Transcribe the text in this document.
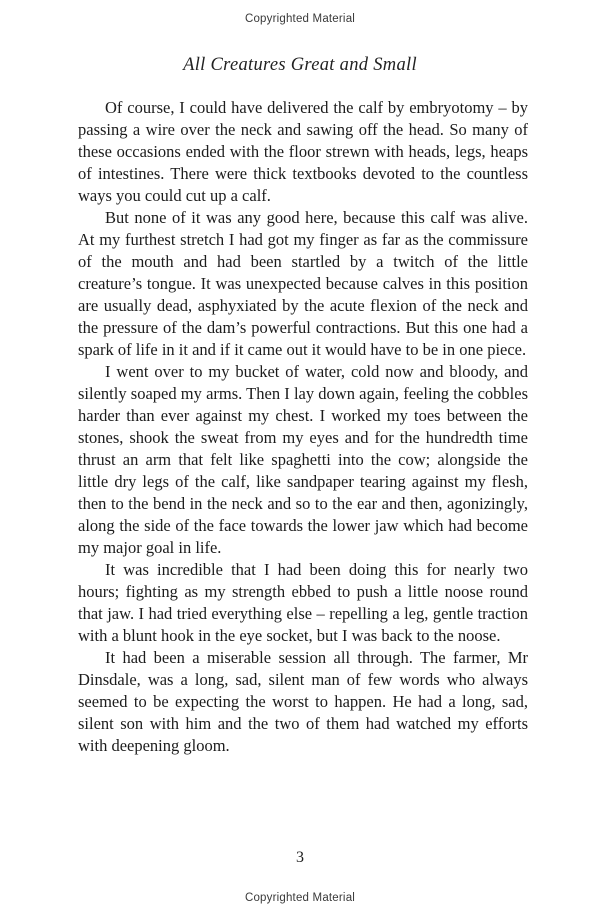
Copyrighted Material
All Creatures Great and Small

Of course, I could have delivered the calf by embryotomy – by passing a wire over the neck and sawing off the head. So many of these occasions ended with the floor strewn with heads, legs, heaps of intestines. There were thick textbooks devoted to the countless ways you could cut up a calf.

But none of it was any good here, because this calf was alive. At my furthest stretch I had got my finger as far as the commissure of the mouth and had been startled by a twitch of the little creature’s tongue. It was unexpected because calves in this position are usually dead, asphyxiated by the acute flexion of the neck and the pressure of the dam’s powerful contractions. But this one had a spark of life in it and if it came out it would have to be in one piece.

I went over to my bucket of water, cold now and bloody, and silently soaped my arms. Then I lay down again, feeling the cobbles harder than ever against my chest. I worked my toes between the stones, shook the sweat from my eyes and for the hundredth time thrust an arm that felt like spaghetti into the cow; alongside the little dry legs of the calf, like sandpaper tearing against my flesh, then to the bend in the neck and so to the ear and then, agonizingly, along the side of the face towards the lower jaw which had become my major goal in life.

It was incredible that I had been doing this for nearly two hours; fighting as my strength ebbed to push a little noose round that jaw. I had tried everything else – repelling a leg, gentle traction with a blunt hook in the eye socket, but I was back to the noose.

It had been a miserable session all through. The farmer, Mr Dinsdale, was a long, sad, silent man of few words who always seemed to be expecting the worst to happen. He had a long, sad, silent son with him and the two of them had watched my efforts with deepening gloom.

3
Copyrighted Material
